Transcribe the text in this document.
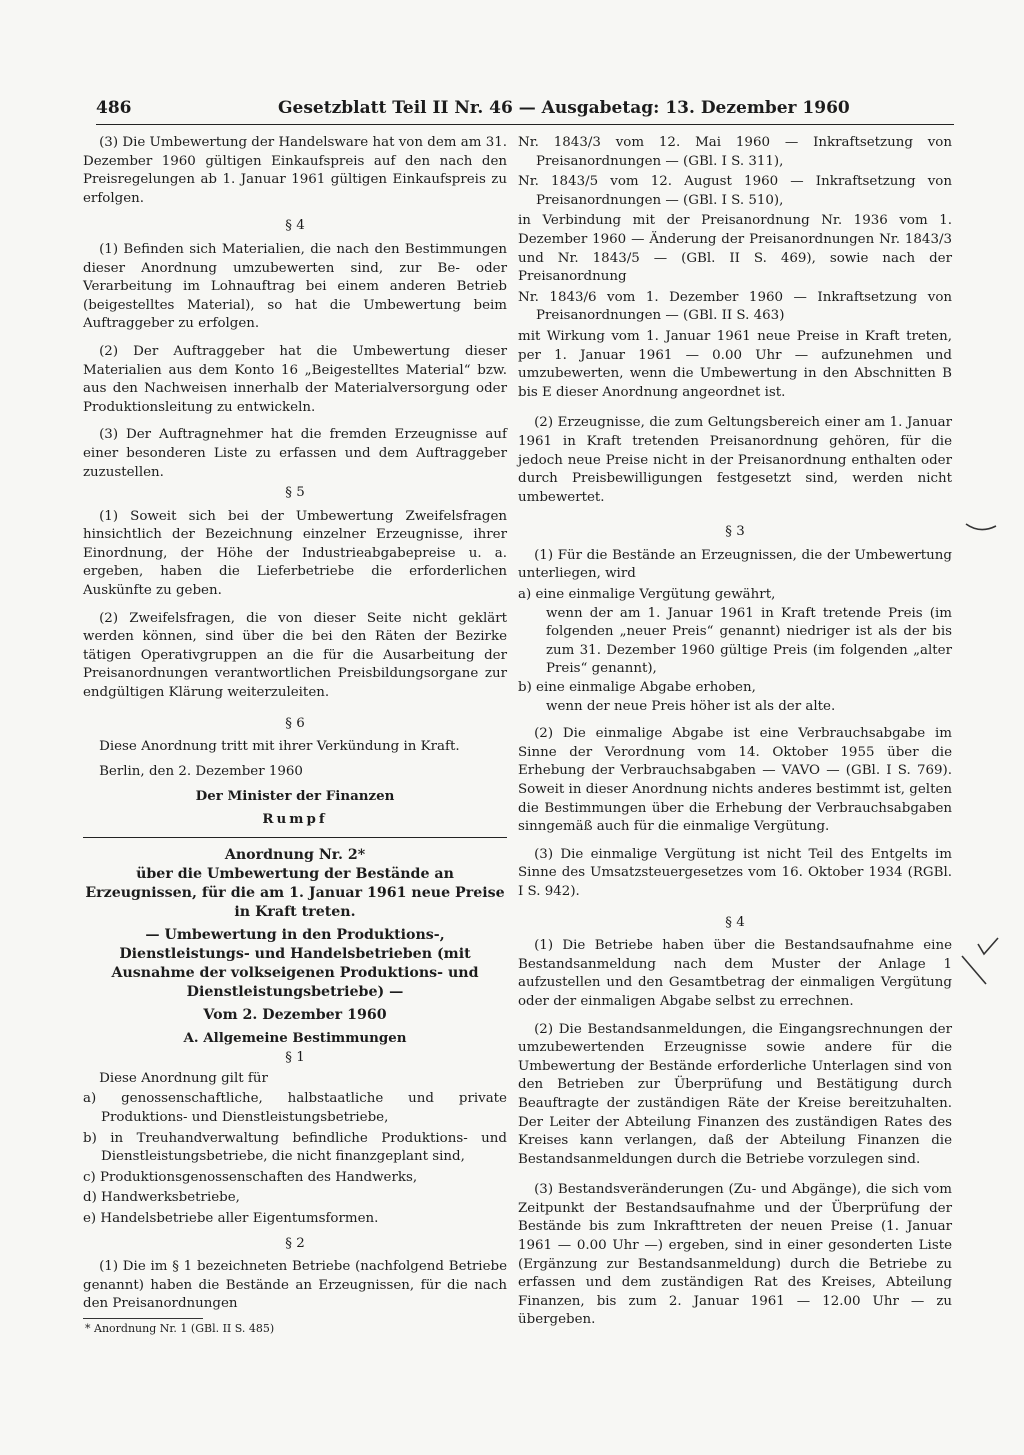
486	Gesetzblatt Teil II Nr. 46 — Ausgabetag: 13. Dezember 1960

(3) Die Umbewertung der Handelsware hat von dem am 31. Dezember 1960 gültigen Einkaufspreis auf den nach den Preisregelungen ab 1. Januar 1961 gültigen Einkaufspreis zu erfolgen.

§ 4

(1) Befinden sich Materialien, die nach den Bestimmungen dieser Anordnung umzubewerten sind, zur Be- oder Verarbeitung im Lohnauftrag bei einem anderen Betrieb (beigestelltes Material), so hat die Umbewertung beim Auftraggeber zu erfolgen.

(2) Der Auftraggeber hat die Umbewertung dieser Materialien aus dem Konto 16 „Beigestelltes Material“ bzw. aus den Nachweisen innerhalb der Materialversorgung oder Produktionsleitung zu entwickeln.

(3) Der Auftragnehmer hat die fremden Erzeugnisse auf einer besonderen Liste zu erfassen und dem Auftraggeber zuzustellen.

§ 5

(1) Soweit sich bei der Umbewertung Zweifelsfragen hinsichtlich der Bezeichnung einzelner Erzeugnisse, ihrer Einordnung, der Höhe der Industrieabgabepreise u. a. ergeben, haben die Lieferbetriebe die erforderlichen Auskünfte zu geben.

(2) Zweifelsfragen, die von dieser Seite nicht geklärt werden können, sind über die bei den Räten der Bezirke tätigen Operativgruppen an die für die Ausarbeitung der Preisanordnungen verantwortlichen Preisbildungsorgane zur endgültigen Klärung weiterzuleiten.

§ 6

Diese Anordnung tritt mit ihrer Verkündung in Kraft.

Berlin, den 2. Dezember 1960

Der Minister der Finanzen
Rumpf
Anordnung Nr. 2*
über die Umbewertung der Bestände an Erzeugnissen, für die am 1. Januar 1961 neue Preise in Kraft treten.
— Umbewertung in den Produktions-, Dienstleistungs- und Handelsbetrieben (mit Ausnahme der volkseigenen Produktions- und Dienstleistungsbetriebe) —
Vom 2. Dezember 1960
A. Allgemeine Bestimmungen
§ 1

Diese Anordnung gilt für

a) genossenschaftliche, halbstaatliche und private Produktions- und Dienstleistungsbetriebe,

b) in Treuhandverwaltung befindliche Produktions- und Dienstleistungsbetriebe, die nicht finanzgeplant sind,

c) Produktionsgenossenschaften des Handwerks,

d) Handwerksbetriebe,

e) Handelsbetriebe aller Eigentumsformen.

§ 2

(1) Die im § 1 bezeichneten Betriebe (nachfolgend Betriebe genannt) haben die Bestände an Erzeugnissen, für die nach den Preisanordnungen

* Anordnung Nr. 1 (GBl. II S. 485)

Nr. 1843/3 vom 12. Mai 1960 — Inkraftsetzung von Preisanordnungen — (GBl. I S. 311),

Nr. 1843/5 vom 12. August 1960 — Inkraftsetzung von Preisanordnungen — (GBl. I S. 510),

in Verbindung mit der Preisanordnung Nr. 1936 vom 1. Dezember 1960 — Änderung der Preisanordnungen Nr. 1843/3 und Nr. 1843/5 — (GBl. II S. 469), sowie nach der Preisanordnung

Nr. 1843/6 vom 1. Dezember 1960 — Inkraftsetzung von Preisanordnungen — (GBl. II S. 463)

mit Wirkung vom 1. Januar 1961 neue Preise in Kraft treten, per 1. Januar 1961 — 0.00 Uhr — aufzunehmen und umzubewerten, wenn die Umbewertung in den Abschnitten B bis E dieser Anordnung angeordnet ist.

(2) Erzeugnisse, die zum Geltungsbereich einer am 1. Januar 1961 in Kraft tretenden Preisanordnung gehören, für die jedoch neue Preise nicht in der Preisanordnung enthalten oder durch Preisbewilligungen festgesetzt sind, werden nicht umbewertet.

§ 3

(1) Für die Bestände an Erzeugnissen, die der Umbewertung unterliegen, wird

a) eine einmalige Vergütung gewährt,

wenn der am 1. Januar 1961 in Kraft tretende Preis (im folgenden „neuer Preis“ genannt) niedriger ist als der bis zum 31. Dezember 1960 gültige Preis (im folgenden „alter Preis“ genannt),

b) eine einmalige Abgabe erhoben,

wenn der neue Preis höher ist als der alte.

(2) Die einmalige Abgabe ist eine Verbrauchsabgabe im Sinne der Verordnung vom 14. Oktober 1955 über die Erhebung der Verbrauchsabgaben — VAVO — (GBl. I S. 769). Soweit in dieser Anordnung nichts anderes bestimmt ist, gelten die Bestimmungen über die Erhebung der Verbrauchsabgaben sinngemäß auch für die einmalige Vergütung.

(3) Die einmalige Vergütung ist nicht Teil des Entgelts im Sinne des Umsatzsteuergesetzes vom 16. Oktober 1934 (RGBl. I S. 942).

§ 4

(1) Die Betriebe haben über die Bestandsaufnahme eine Bestandsanmeldung nach dem Muster der Anlage 1 aufzustellen und den Gesamtbetrag der einmaligen Vergütung oder der einmaligen Abgabe selbst zu errechnen.

(2) Die Bestandsanmeldungen, die Eingangsrechnungen der umzubewertenden Erzeugnisse sowie andere für die Umbewertung der Bestände erforderliche Unterlagen sind von den Betrieben zur Überprüfung und Bestätigung durch Beauftragte der zuständigen Räte der Kreise bereitzuhalten. Der Leiter der Abteilung Finanzen des zuständigen Rates des Kreises kann verlangen, daß der Abteilung Finanzen die Bestandsanmeldungen durch die Betriebe vorzulegen sind.

(3) Bestandsveränderungen (Zu- und Abgänge), die sich vom Zeitpunkt der Bestandsaufnahme und der Überprüfung der Bestände bis zum Inkrafttreten der neuen Preise (1. Januar 1961 — 0.00 Uhr —) ergeben, sind in einer gesonderten Liste (Ergänzung zur Bestandsanmeldung) durch die Betriebe zu erfassen und dem zuständigen Rat des Kreises, Abteilung Finanzen, bis zum 2. Januar 1961 — 12.00 Uhr — zu übergeben.
